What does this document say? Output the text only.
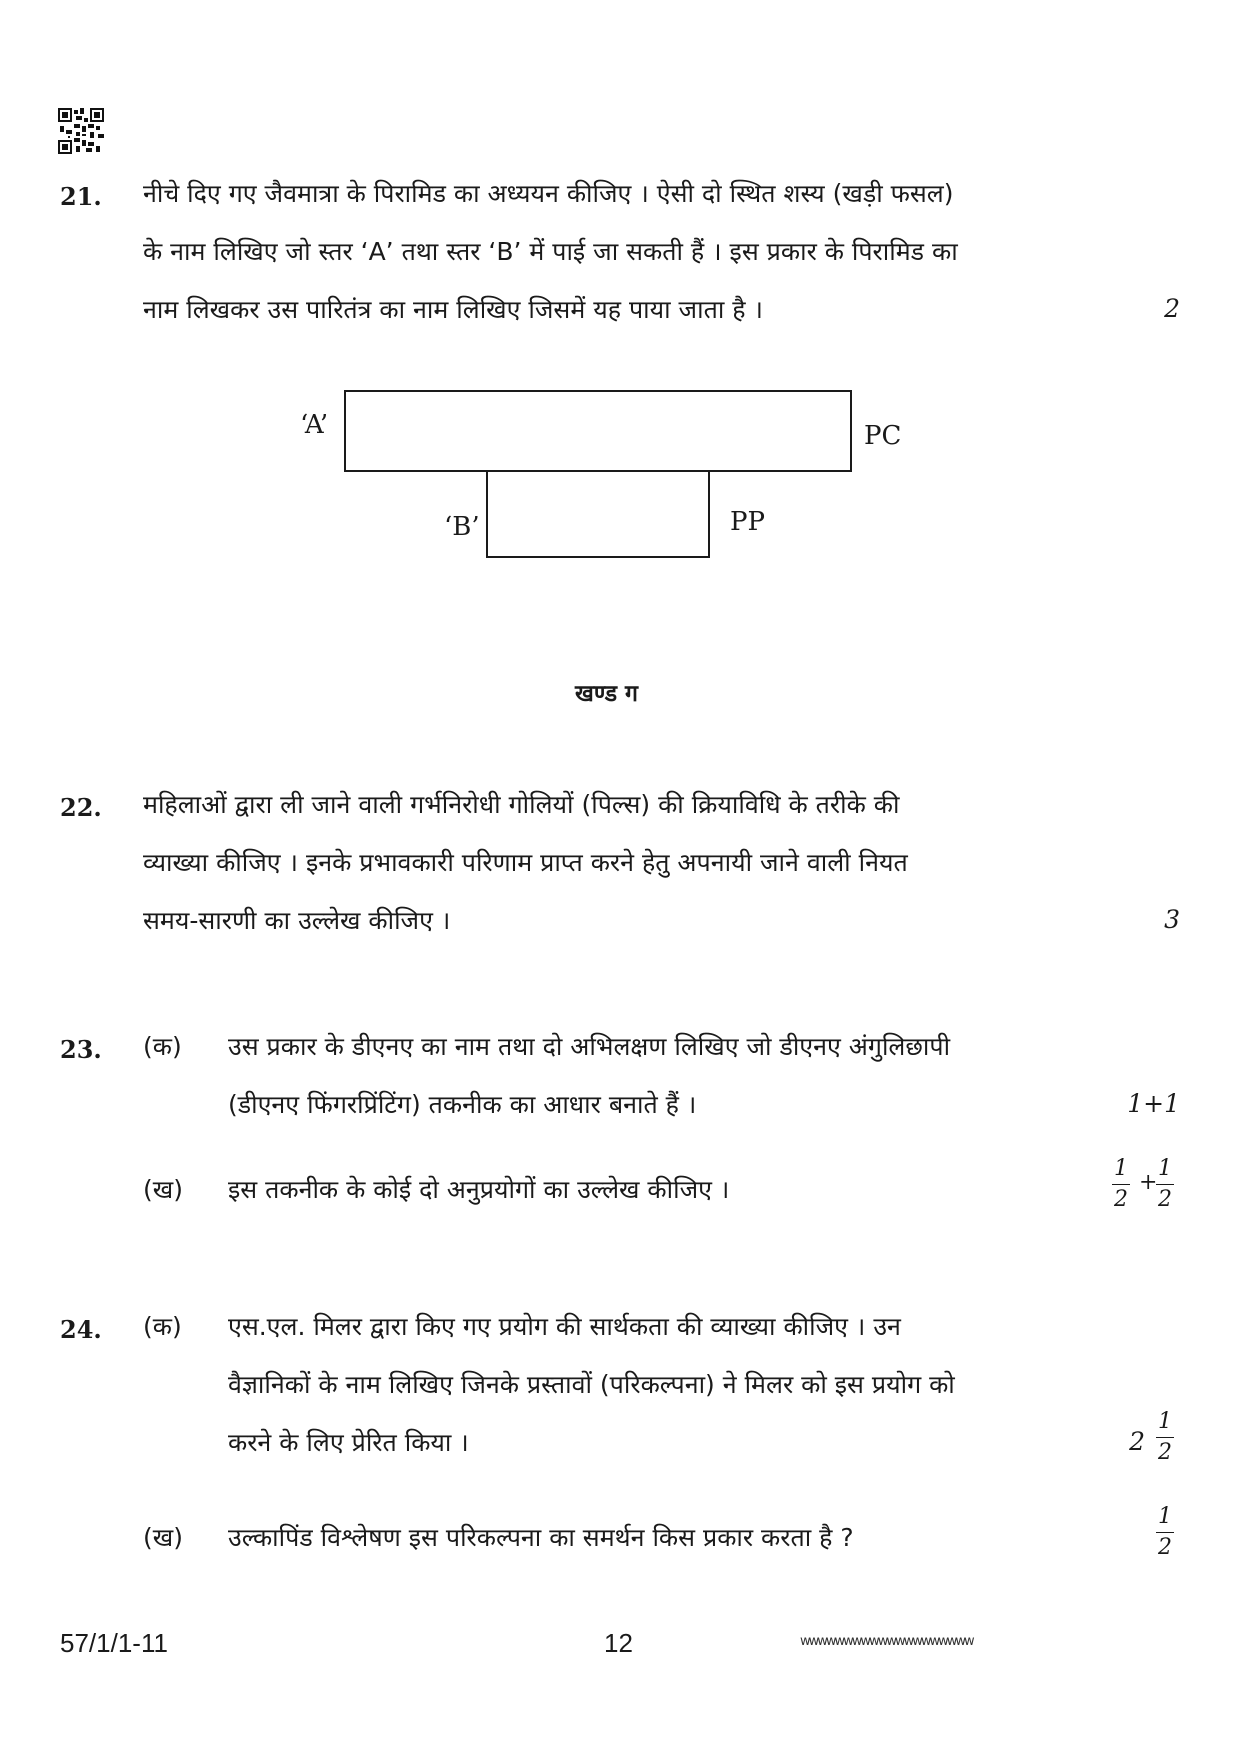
21. नीचे दिए गए जैवमात्रा के पिरामिड का अध्ययन कीजिए । ऐसी दो स्थित शस्य (खड़ी फसल)
के नाम लिखिए जो स्तर ‘A’ तथा स्तर ‘B’ में पाई जा सकती हैं । इस प्रकार के पिरामिड का
नाम लिखकर उस पारितंत्र का नाम लिखिए जिसमें यह पाया जाता है ।	2
‘A’
‘B’
PC
PP
खण्ड ग
22. महिलाओं द्वारा ली जाने वाली गर्भनिरोधी गोलियों (पिल्स) की क्रियाविधि के तरीके की
व्याख्या कीजिए । इनके प्रभावकारी परिणाम प्राप्त करने हेतु अपनायी जाने वाली नियत
समय-सारणी का उल्लेख कीजिए ।	3
23. (क) उस प्रकार के डीएनए का नाम तथा दो अभिलक्षण लिखिए जो डीएनए अंगुलिछापी
(डीएनए फिंगरप्रिंटिंग) तकनीक का आधार बनाते हैं ।	1+1
(ख) इस तकनीक के कोई दो अनुप्रयोगों का उल्लेख कीजिए ।	$\frac{1}{2}$ +
$\frac{1}{2}$
24. (क) एस.एल. मिलर द्वारा किए गए प्रयोग की सार्थकता की व्याख्या कीजिए । उन
वैज्ञानिकों के नाम लिखिए जिनके प्रस्तावों (परिकल्पना) ने मिलर को इस प्रयोग को
करने के लिए प्रेरित किया ।	$2 \frac{1}{2}$
(ख) उल्कापिंड विश्लेषण इस परिकल्पना का समर्थन किस प्रकार करता है ?	$\frac{1}{2}$
57/1/1-11	12	wwwwwwwwwwwwwwwwwwww
